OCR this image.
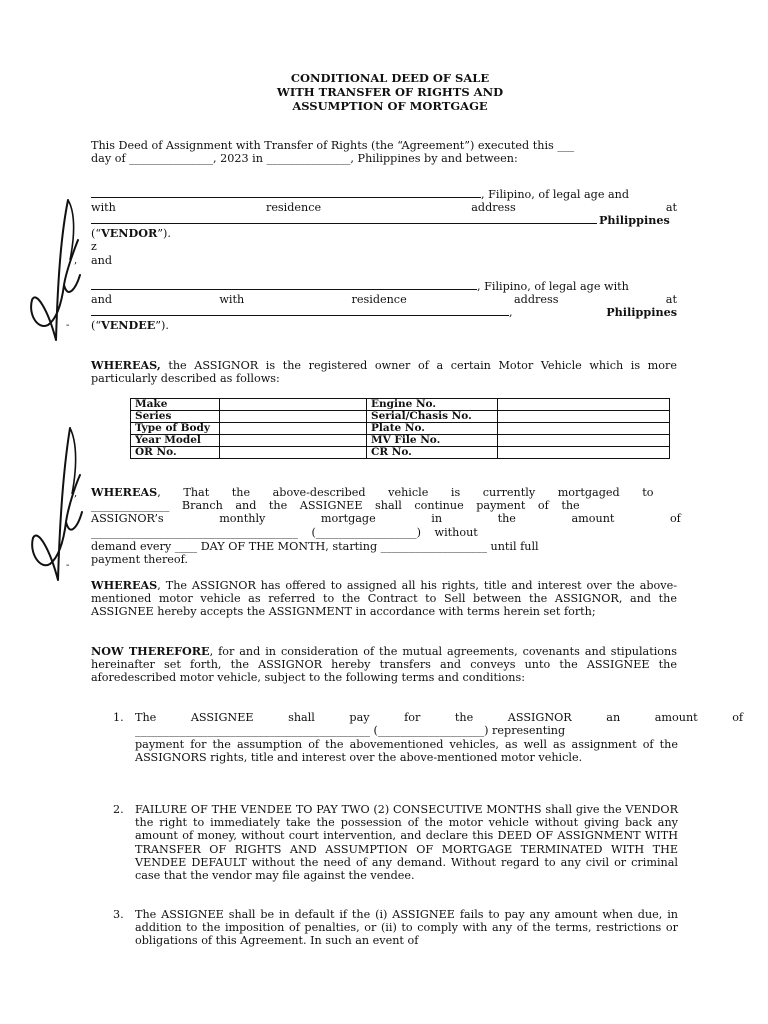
CONDITIONAL DEED OF SALE
WITH TRANSFER OF RIGHTS AND
ASSUMPTION OF MORTGAGE
This Deed of Assignment with Transfer of Rights (the “Agreement”) executed this ___
day of _______________, 2023 in _______________, Philippines by and between:
, Filipino, of legal age and
with	residence	address	at
Philippines
(“VENDOR”).
z
and
, Filipino, of legal age with
and	with	residence	address	at
,	Philippines
(“VENDEE”).
WHEREAS, the ASSIGNOR is the registered owner of a certain Motor Vehicle which is more particularly described as follows:
Make		Engine No.	
Series		Serial/Chasis No.	
Type of Body		Plate No.	
Year Model		MV File No.	
OR No.		CR No.	
WHEREAS, That the above-described vehicle is currently mortgaged to
______________ Branch and the ASSIGNEE shall continue payment of the
ASSIGNOR’s monthly mortgage in the amount of
_____________________________________ (__________________) without
demand every ____ DAY OF THE MONTH, starting ___________________ until full
payment thereof.
WHEREAS, The ASSIGNOR has offered to assigned all his rights, title and interest over the above-mentioned motor vehicle as referred to the Contract to Sell between the ASSIGNOR, and the ASSIGNEE hereby accepts the ASSIGNMENT in accordance with terms herein set forth;
NOW THEREFORE, for and in consideration of the mutual agreements, covenants and stipulations hereinafter set forth, the ASSIGNOR hereby transfers and conveys unto the ASSIGNEE the aforedescribed motor vehicle, subject to the following terms and conditions:
1. The ASSIGNEE shall pay for the ASSIGNOR an amount of
__________________________________________ (___________________) representing
payment for the assumption of the abovementioned vehicles, as well as assignment of the ASSIGNORS rights, title and interest over the above-mentioned motor vehicle.
2. FAILURE OF THE VENDEE TO PAY TWO (2) CONSECUTIVE MONTHS shall give the VENDOR the right to immediately take the possession of the motor vehicle without giving back any amount of money, without court intervention, and declare this DEED OF ASSIGNMENT WITH TRANSFER OF RIGHTS AND ASSUMPTION OF MORTGAGE TERMINATED WITH THE VENDEE DEFAULT without the need of any demand. Without regard to any civil or criminal case that the vendor may file against the vendee.
3. The ASSIGNEE shall be in default if the (i) ASSIGNEE fails to pay any amount when due, in addition to the imposition of penalties, or (ii) to comply with any of the terms, restrictions or obligations of this Agreement. In such an event of
,
-
,
-
